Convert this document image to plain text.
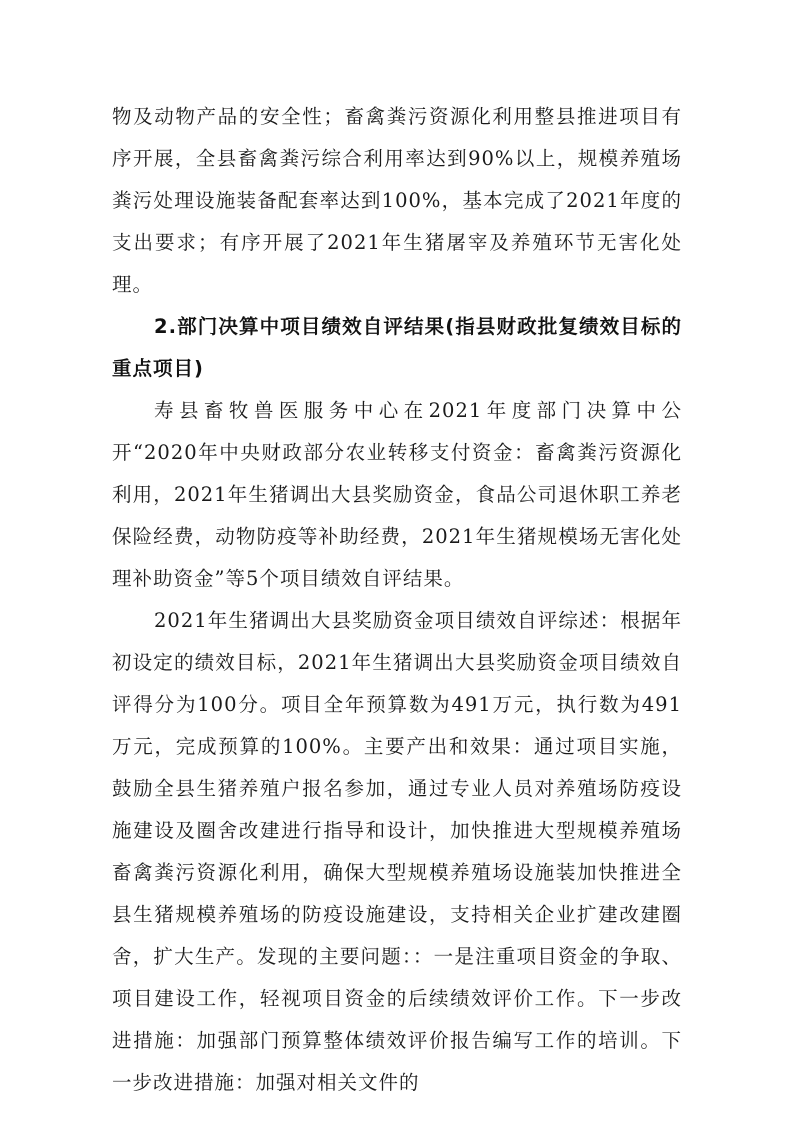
物及动物产品的安全性；畜禽粪污资源化利用整县推进项目有序开展，全县畜禽粪污综合利用率达到90%以上，规模养殖场粪污处理设施装备配套率达到100%，基本完成了2021年度的支出要求；有序开展了2021年生猪屠宰及养殖环节无害化处理。

2.部门决算中项目绩效自评结果(指县财政批复绩效目标的重点项目)

寿县畜牧兽医服务中心在2021年度部门决算中公开“2020年中央财政部分农业转移支付资金：畜禽粪污资源化利用，2021年生猪调出大县奖励资金，食品公司退休职工养老保险经费，动物防疫等补助经费，2021年生猪规模场无害化处理补助资金”等5个项目绩效自评结果。

2021年生猪调出大县奖励资金项目绩效自评综述：根据年初设定的绩效目标，2021年生猪调出大县奖励资金项目绩效自评得分为100分。项目全年预算数为491万元，执行数为491万元，完成预算的100%。主要产出和效果：通过项目实施，鼓励全县生猪养殖户报名参加，通过专业人员对养殖场防疫设施建设及圈舍改建进行指导和设计，加快推进大型规模养殖场畜禽粪污资源化利用，确保大型规模养殖场设施装加快推进全县生猪规模养殖场的防疫设施建设，支持相关企业扩建改建圈舍，扩大生产。发现的主要问题：：一是注重项目资金的争取、项目建设工作，轻视项目资金的后续绩效评价工作。下一步改进措施：加强部门预算整体绩效评价报告编写工作的培训。下一步改进措施：加强对相关文件的
